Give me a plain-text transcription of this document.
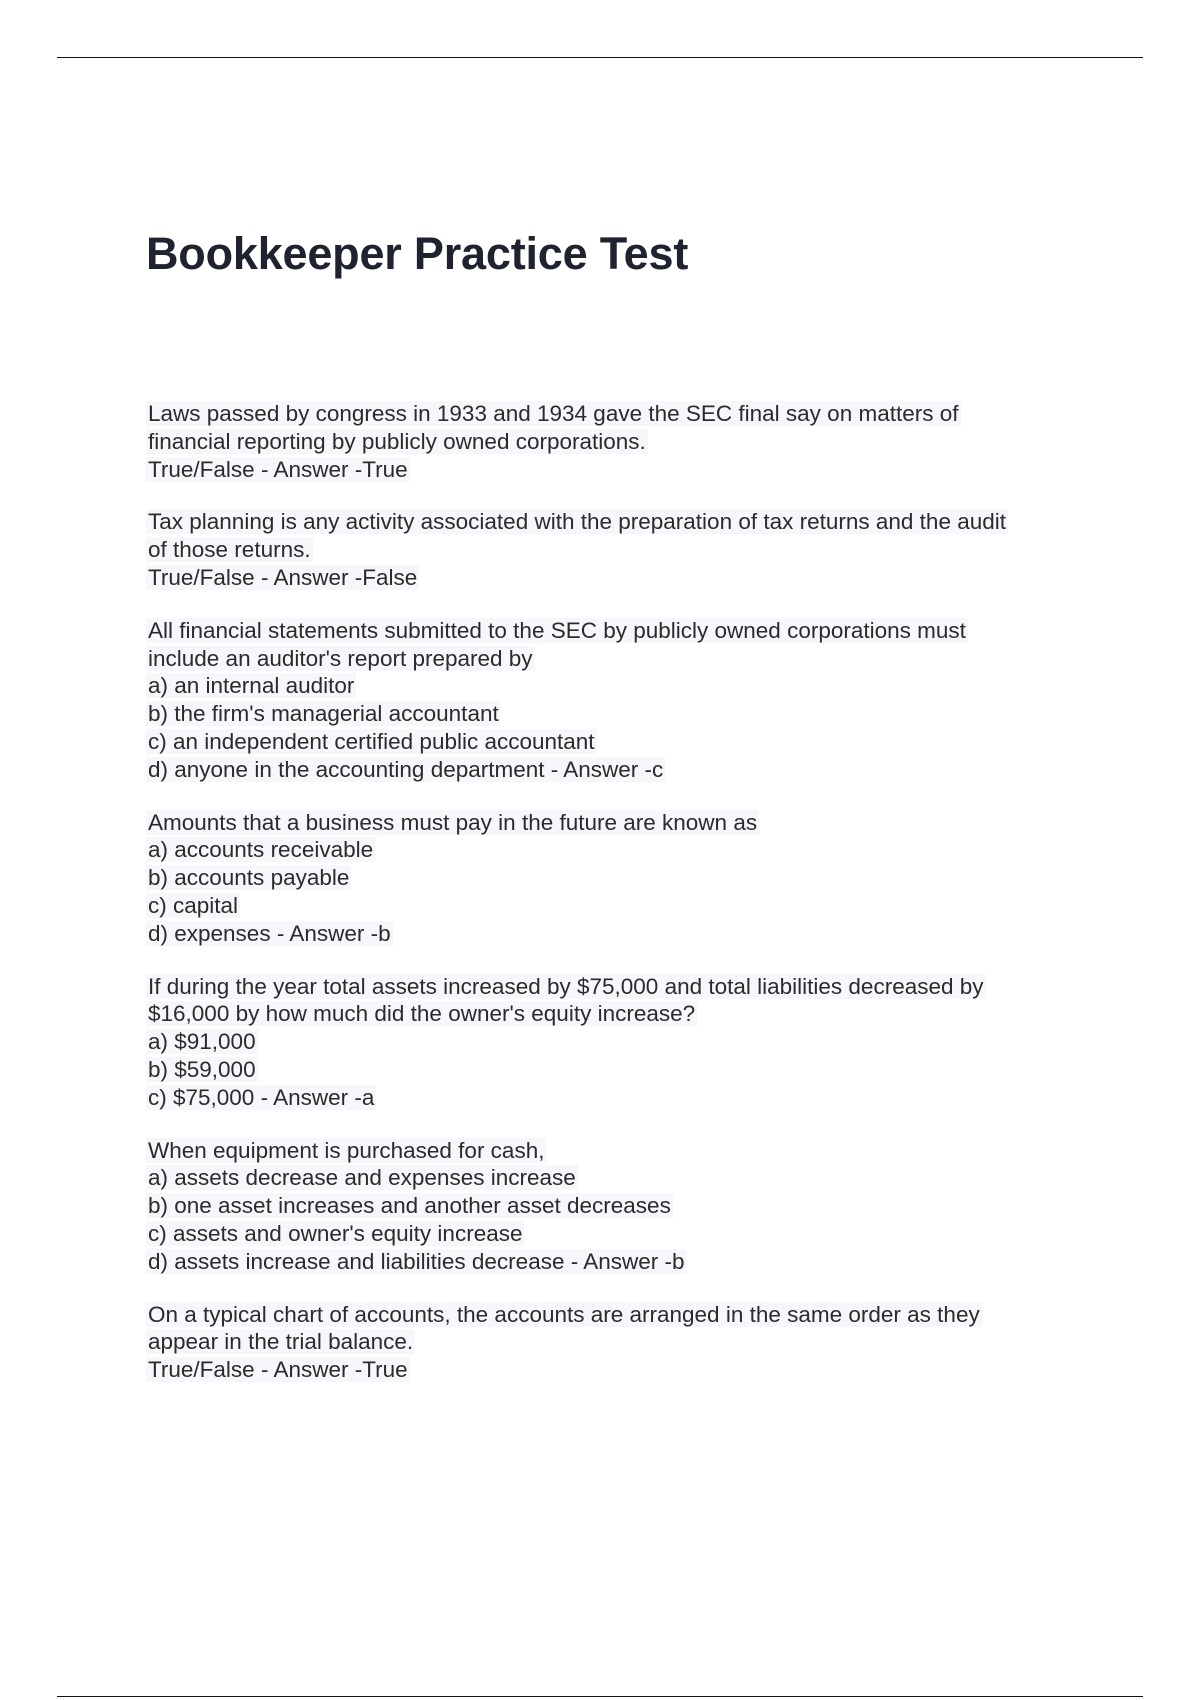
Bookkeeper Practice Test
Laws passed by congress in 1933 and 1934 gave the SEC final say on matters of
financial reporting by publicly owned corporations.
True/False - Answer -True
Tax planning is any activity associated with the preparation of tax returns and the audit
of those returns.
True/False - Answer -False
All financial statements submitted to the SEC by publicly owned corporations must
include an auditor's report prepared by
a) an internal auditor
b) the firm's managerial accountant
c) an independent certified public accountant
d) anyone in the accounting department - Answer -c
Amounts that a business must pay in the future are known as
a) accounts receivable
b) accounts payable
c) capital
d) expenses - Answer -b
If during the year total assets increased by $75,000 and total liabilities decreased by
$16,000 by how much did the owner's equity increase?
a) $91,000
b) $59,000
c) $75,000 - Answer -a
When equipment is purchased for cash,
a) assets decrease and expenses increase
b) one asset increases and another asset decreases
c) assets and owner's equity increase
d) assets increase and liabilities decrease - Answer -b
On a typical chart of accounts, the accounts are arranged in the same order as they
appear in the trial balance.
True/False - Answer -True
